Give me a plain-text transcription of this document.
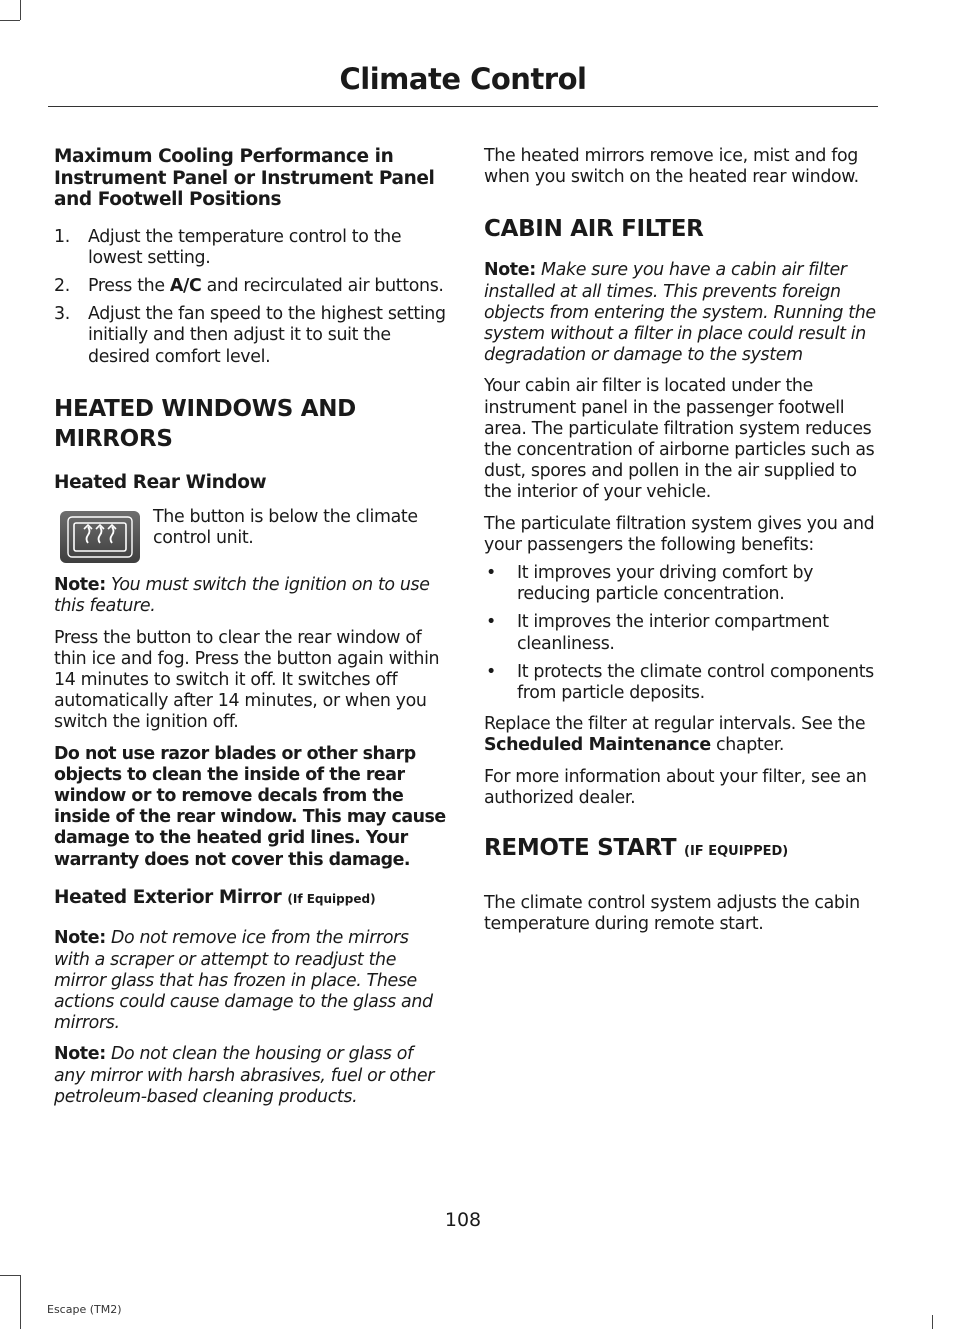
Climate Control
Maximum Cooling Performance in Instrument Panel or Instrument Panel and Footwell Positions
1. Adjust the temperature control to the lowest setting.
2. Press the A/C and recirculated air buttons.
3. Adjust the fan speed to the highest setting initially and then adjust it to suit the desired comfort level.
HEATED WINDOWS AND MIRRORS
Heated Rear Window

The button is below the climate control unit.

Note: You must switch the ignition on to use this feature.

Press the button to clear the rear window of thin ice and fog. Press the button again within 14 minutes to switch it off. It switches off automatically after 14 minutes, or when you switch the ignition off.

Do not use razor blades or other sharp objects to clean the inside of the rear window or to remove decals from the inside of the rear window. This may cause damage to the heated grid lines. Your warranty does not cover this damage.
Heated Exterior Mirror (If Equipped)

Note: Do not remove ice from the mirrors with a scraper or attempt to readjust the mirror glass that has frozen in place. These actions could cause damage to the glass and mirrors.

Note: Do not clean the housing or glass of any mirror with harsh abrasives, fuel or other petroleum-based cleaning products.

The heated mirrors remove ice, mist and fog when you switch on the heated rear window.

CABIN AIR FILTER

Note: Make sure you have a cabin air filter installed at all times. This prevents foreign objects from entering the system. Running the system without a filter in place could result in degradation or damage to the system

Your cabin air filter is located under the instrument panel in the passenger footwell area. The particulate filtration system reduces the concentration of airborne particles such as dust, spores and pollen in the air supplied to the interior of your vehicle.

The particulate filtration system gives you and your passengers the following benefits:

• It improves your driving comfort by reducing particle concentration.
• It improves the interior compartment cleanliness.
• It protects the climate control components from particle deposits.

Replace the filter at regular intervals. See the Scheduled Maintenance chapter.

For more information about your filter, see an authorized dealer.

REMOTE START (IF EQUIPPED)

The climate control system adjusts the cabin temperature during remote start.

108
Escape (TM2)
